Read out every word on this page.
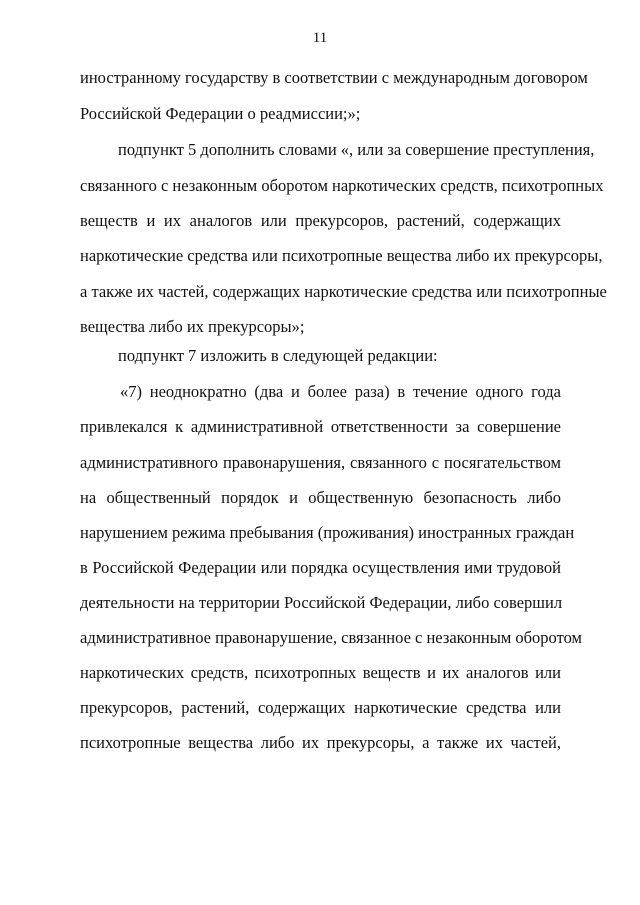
11
иностранному государству в соответствии с международным договором
Российской Федерации о реадмиссии;»;
подпункт 5 дополнить словами «, или за совершение преступления,
связанного с незаконным оборотом наркотических средств, психотропных
веществ и их аналогов или прекурсоров, растений, содержащих
наркотические средства или психотропные вещества либо их прекурсоры,
а также их частей, содержащих наркотические средства или психотропные
вещества либо их прекурсоры»;
подпункт 7 изложить в следующей редакции:
«7) неоднократно (два и более раза) в течение одного года
привлекался к административной ответственности за совершение
административного правонарушения, связанного с посягательством
на общественный порядок и общественную безопасность либо
нарушением режима пребывания (проживания) иностранных граждан
в Российской Федерации или порядка осуществления ими трудовой
деятельности на территории Российской Федерации, либо совершил
административное правонарушение, связанное с незаконным оборотом
наркотических средств, психотропных веществ и их аналогов или
прекурсоров, растений, содержащих наркотические средства или
психотропные вещества либо их прекурсоры, а также их частей,
